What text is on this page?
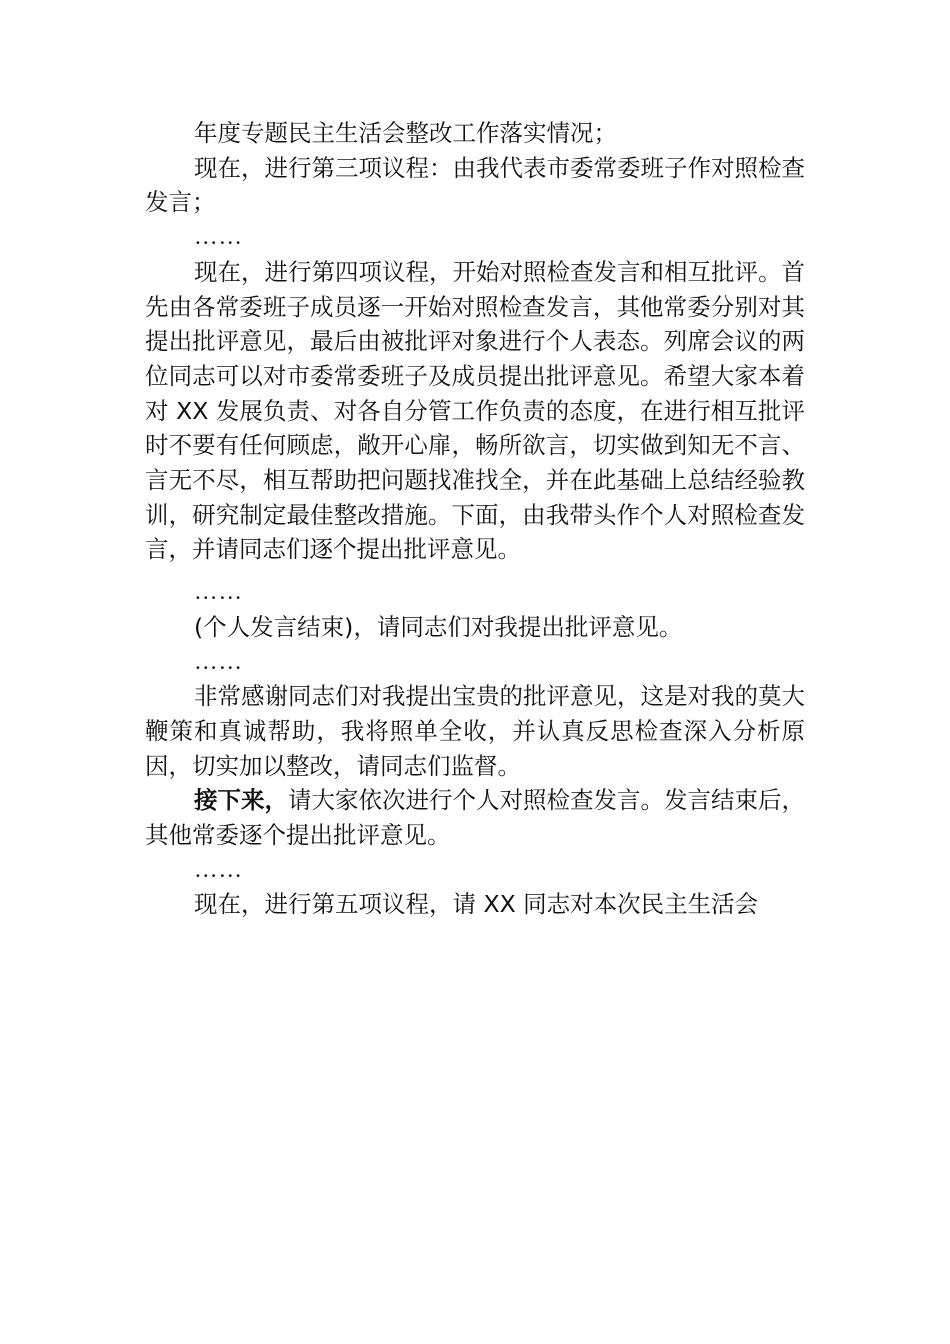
年度专题民主生活会整改工作落实情况；

现在，进行第三项议程：由我代表市委常委班子作对照检查发言；

……

现在，进行第四项议程，开始对照检查发言和相互批评。首先由各常委班子成员逐一开始对照检查发言，其他常委分别对其提出批评意见，最后由被批评对象进行个人表态。列席会议的两位同志可以对市委常委班子及成员提出批评意见。希望大家本着对 XX 发展负责、对各自分管工作负责的态度，在进行相互批评时不要有任何顾虑，敞开心扉，畅所欲言，切实做到知无不言、言无不尽，相互帮助把问题找准找全，并在此基础上总结经验教训，研究制定最佳整改措施。下面，由我带头作个人对照检查发言，并请同志们逐个提出批评意见。

……

(个人发言结束)，请同志们对我提出批评意见。

……

非常感谢同志们对我提出宝贵的批评意见，这是对我的莫大鞭策和真诚帮助，我将照单全收，并认真反思检查深入分析原因，切实加以整改，请同志们监督。

接下来，请大家依次进行个人对照检查发言。发言结束后，其他常委逐个提出批评意见。

……

现在，进行第五项议程，请 XX 同志对本次民主生活会
